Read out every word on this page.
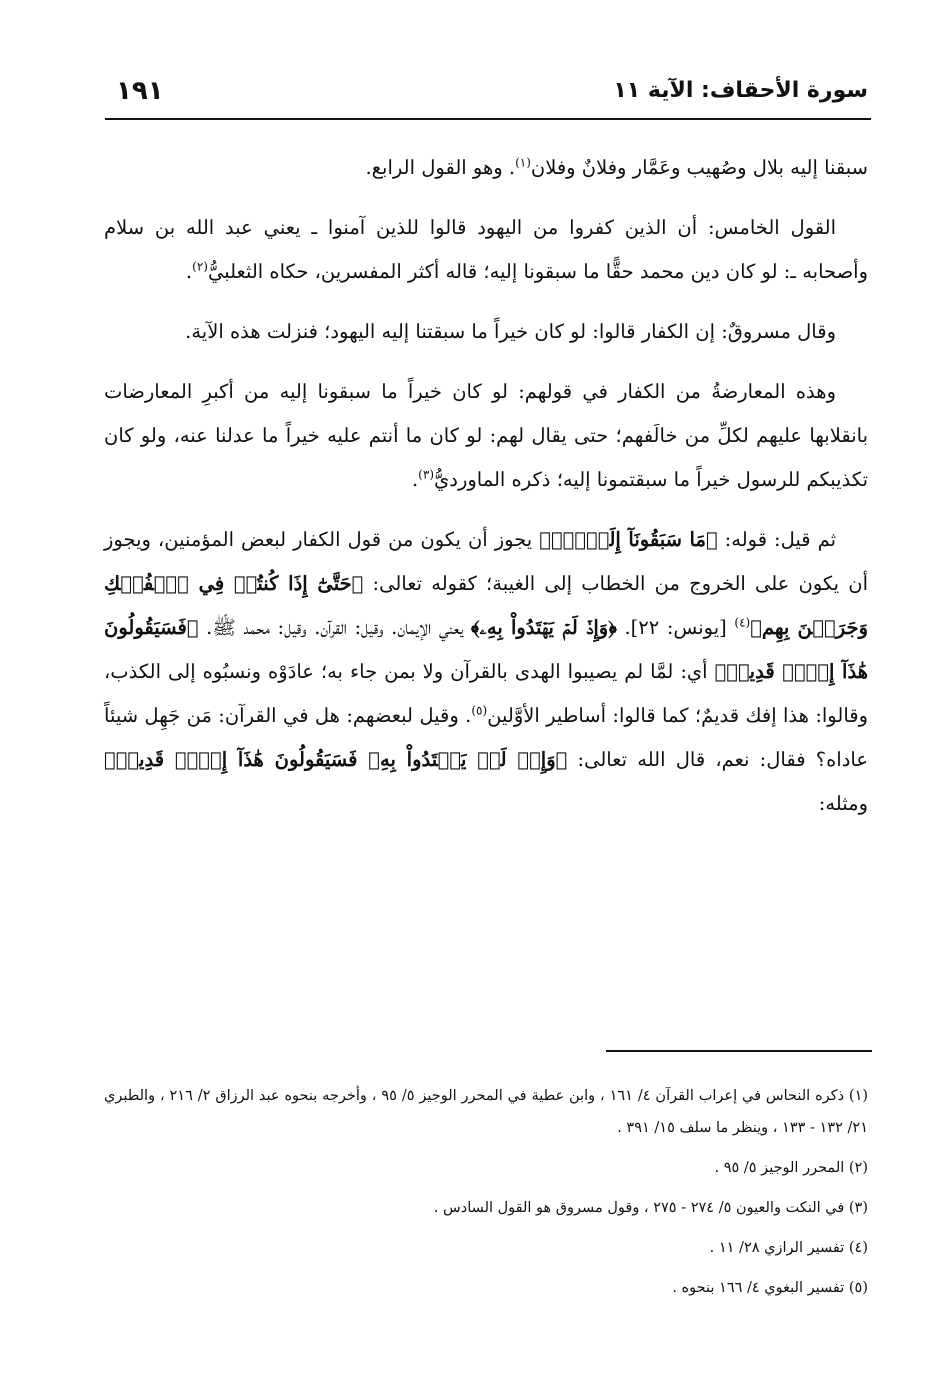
سورة الأحقاف: الآية ١١
١٩١

سبقنا إليه بلال وصُهيب وعَمَّار وفلانٌ وفلان$^{(١)}$. وهو القول الرابع.

القول الخامس: أن الذين كفروا من اليهود قالوا للذين آمنوا ـ يعني عبد الله بن سلام وأصحابه ـ: لو كان دين محمد حقًّا ما سبقونا إليه؛ قاله أكثر المفسرين، حكاه الثعلبيُّ$^{(٢)}$.

وقال مسروقٌ: إن الكفار قالوا: لو كان خيراً ما سبقتنا إليه اليهود؛ فنزلت هذه الآية.

وهذه المعارضةُ من الكفار في قولهم: لو كان خيراً ما سبقونا إليه من أكبرِ المعارضات بانقلابها عليهم لكلِّ من خالَفهم؛ حتى يقال لهم: لو كان ما أنتم عليه خيراً ما عدلنا عنه، ولو كان تكذيبكم للرسول خيراً ما سبقتمونا إليه؛ ذكره الماورديُّ$^{(٣)}$.

ثم قيل: قوله: ﴿مَا سَبَقُونَآ إِلَيۡهِۚ﴾ يجوز أن يكون من قول الكفار لبعض المؤمنين، ويجوز أن يكون على الخروج من الخطاب إلى الغيبة؛ كقوله تعالى: ﴿حَتَّىٰٓ إِذَا كُنتُمۡ فِي ٱلۡفُلۡكِ وَجَرَيۡنَ بِهِم﴾$^{(٤)}$ [يونس: ٢٢]. ﴿وَإِذۡ لَمۡ يَهۡتَدُواْ بِهِۦ﴾ يعني الإيمان. وقيل: القرآن. وقيل: محمد ﷺ. ﴿فَسَيَقُولُونَ هَٰذَآ إِفۡكٞ قَدِيمٞ﴾ أي: لمَّا لم يصيبوا الهدى بالقرآن ولا بمن جاء به؛ عادَوْه ونسبُوه إلى الكذب، وقالوا: هذا إفك قديمٌ؛ كما قالوا: أساطير الأوَّلين$^{(٥)}$. وقيل لبعضهم: هل في القرآن: مَن جَهِل شيئاً عاداه؟ فقال: نعم، قال الله تعالى: ﴿وَإِذۡ لَمۡ يَهۡتَدُواْ بِهِۦ فَسَيَقُولُونَ هَٰذَآ إِفۡكٞ قَدِيمٞ﴾ ومثله:

(١) ذكره النحاس في إعراب القرآن ٤/ ١٦١ ، وابن عطية في المحرر الوجيز ٥/ ٩٥ ، وأخرجه بنحوه عبد الرزاق ٢/ ٢١٦ ، والطبري ٢١/ ١٣٢ - ١٣٣ ، وينظر ما سلف ١٥/ ٣٩١ .

(٢) المحرر الوجيز ٥/ ٩٥ .

(٣) في النكت والعيون ٥/ ٢٧٤ - ٢٧٥ ، وقول مسروق هو القول السادس .

(٤) تفسير الرازي ٢٨/ ١١ .

(٥) تفسير البغوي ٤/ ١٦٦ بنحوه .
